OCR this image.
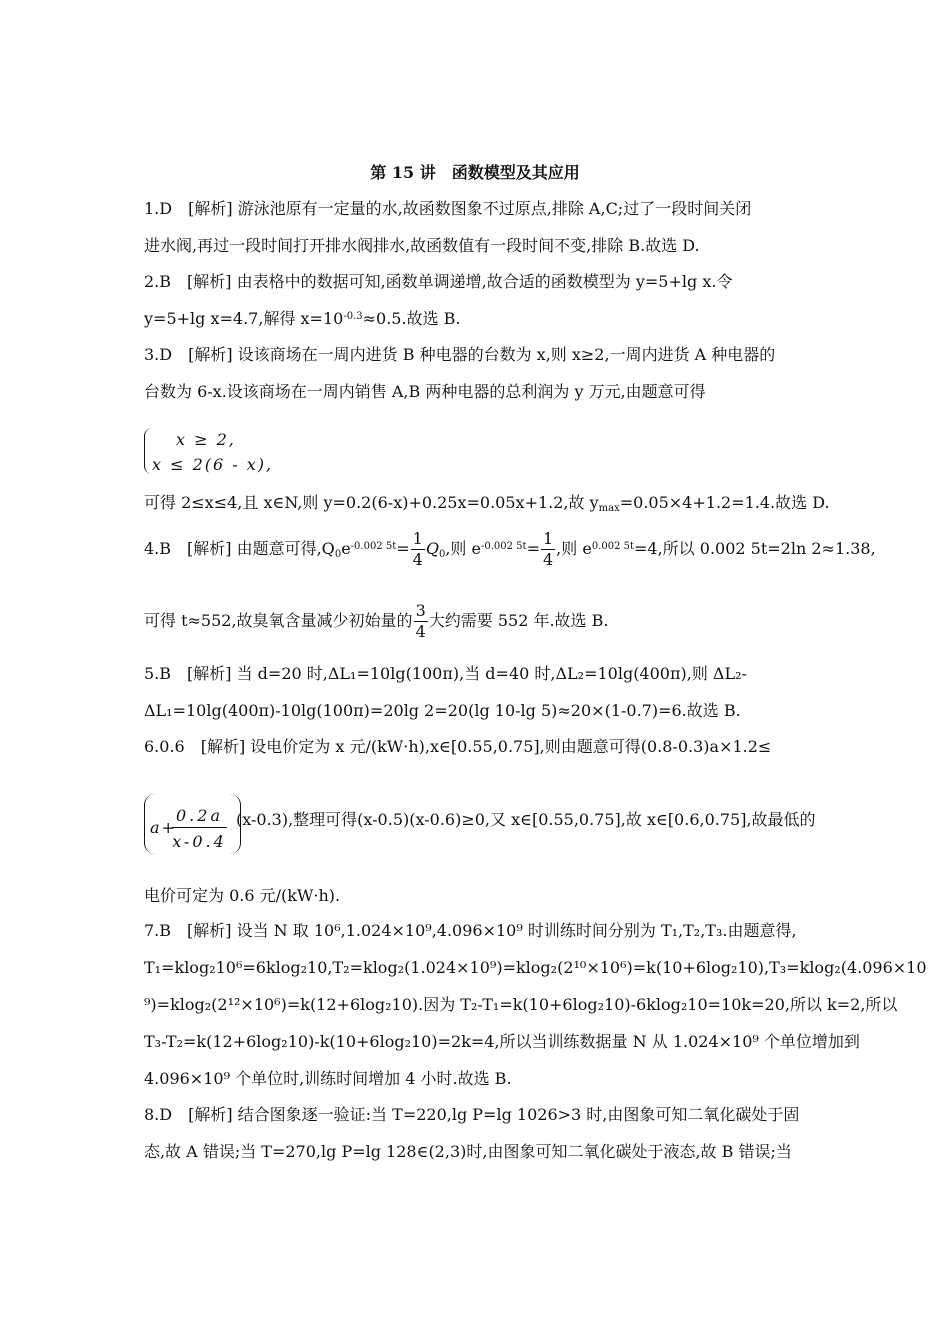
第 15 讲　函数模型及其应用
1.D　[解析] 游泳池原有一定量的水,故函数图象不过原点,排除 A,C;过了一段时间关闭
进水阀,再过一段时间打开排水阀排水,故函数值有一段时间不变,排除 B.故选 D.
2.B　[解析] 由表格中的数据可知,函数单调递增,故合适的函数模型为 y=5+lg x.令
y=5+lg x=4.7,解得 $x=10^{-0.3}\approx 0.5$.故选 B.
3.D　[解析] 设该商场在一周内进货 B 种电器的台数为 x,则 x≥2,一周内进货 A 种电器的
台数为 6-x.设该商场在一周内销售 A,B 两种电器的总利润为 y 万元,由题意可得
x ≥ 2,
x ≤ 2(6 - x),
可得 2≤x≤4,且 x∈N,则 y=0.2(6-x)+0.25x=0.05x+1.2,故 $y_{max}=0.05\times 4+1.2=1.4$.故选 D.
4.B　[解析] 由题意可得$,Q_0e^{-0.002 5t}= \frac{1}{4} Q_0$,则 $e^{-0.002 5t}= \frac{1}{4}$ ,则 $e^{0.002 5t}=4$,所以 0.002 5t=2ln 2≈1.38,
可得 t≈552,故臭氧含量减少初始量的 $\frac{3}{4}$ 大约需要 552 年.故选 B.
5.B　[解析] 当 d=20 时,ΔL₁=10lg(100π),当 d=40 时,ΔL₂=10lg(400π),则 ΔL₂-
ΔL₁=10lg(400π)-10lg(100π)=20lg 2=20(lg 10-lg 5)≈20×(1-0.7)=6.故选 B.
6.0.6　[解析] 设电价定为 x 元/(kW·h),x∈[0.55,0.75],则由题意可得(0.8-0.3)a×1.2≤
a+
$\frac{0.2a}{x-0.4} (x-0.3)$,整理可得(x-0.5)(x-0.6)≥0,又 x∈[0.55,0.75],故 x∈[0.6,0.75],故最低的
电价可定为 0.6 元/(kW·h).
7.B　[解析] 设当 N 取 10⁶,1.024×10⁹,4.096×10⁹ 时训练时间分别为 T₁,T₂,T₃.由题意得,
T₁=klog₂10⁶=6klog₂10,T₂=klog₂(1.024×10⁹)=klog₂(2¹⁰×10⁶)=k(10+6log₂10),T₃=klog₂(4.096×10
⁹)=klog₂(2¹²×10⁶)=k(12+6log₂10).因为 T₂-T₁=k(10+6log₂10)-6klog₂10=10k=20,所以 k=2,所以
T₃-T₂=k(12+6log₂10)-k(10+6log₂10)=2k=4,所以当训练数据量 N 从 1.024×10⁹ 个单位增加到
4.096×10⁹ 个单位时,训练时间增加 4 小时.故选 B.
8.D　[解析] 结合图象逐一验证:当 T=220,lg P=lg 1026>3 时,由图象可知二氧化碳处于固
态,故 A 错误;当 T=270,lg P=lg 128∈(2,3)时,由图象可知二氧化碳处于液态,故 B 错误;当
